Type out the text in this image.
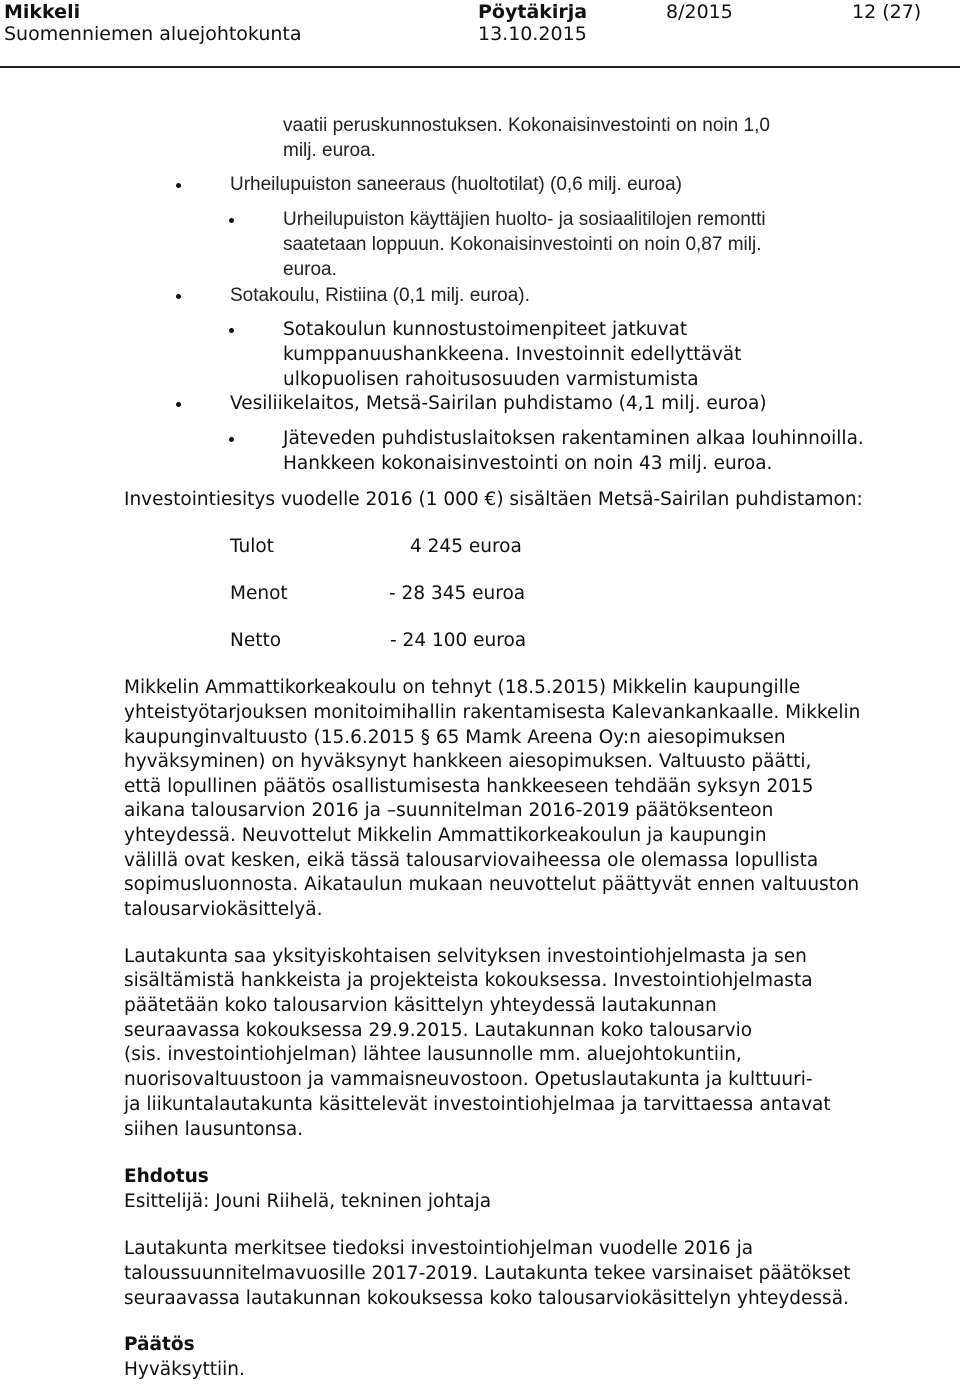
Mikkeli
Suomenniemen aluejohtokunta
Pöytäkirja
13.10.2015
8/2015	12 (27)
vaatii peruskunnostuksen. Kokonaisinvestointi on noin 1,0
milj. euroa.
Urheilupuiston saneeraus (huoltotilat) (0,6 milj. euroa)
Urheilupuiston käyttäjien huolto- ja sosiaalitilojen remontti
saatetaan loppuun. Kokonaisinvestointi on noin 0,87 milj.
euroa.
Sotakoulu, Ristiina (0,1 milj. euroa).
Sotakoulun kunnostustoimenpiteet jatkuvat
kumppanuushankkeena. Investoinnit edellyttävät
ulkopuolisen rahoitusosuuden varmistumista
Vesiliikelaitos, Metsä-Sairilan puhdistamo (4,1 milj. euroa)
Jäteveden puhdistuslaitoksen rakentaminen alkaa louhinnoilla.
Hankkeen kokonaisinvestointi on noin 43 milj. euroa.
Investointiesitys vuodelle 2016 (1 000 €) sisältäen Metsä-Sairilan puhdistamon:
Tulot	4 245 euroa
Menot	- 28 345 euroa
Netto	- 24 100 euroa
Mikkelin Ammattikorkeakoulu on tehnyt (18.5.2015) Mikkelin kaupungille
yhteistyötarjouksen monitoimihallin rakentamisesta Kalevankankaalle. Mikkelin
kaupunginvaltuusto (15.6.2015 § 65 Mamk Areena Oy:n aiesopimuksen
hyväksyminen) on hyväksynyt hankkeen aiesopimuksen. Valtuusto päätti,
että lopullinen päätös osallistumisesta hankkeeseen tehdään syksyn 2015
aikana talousarvion 2016 ja –suunnitelman 2016-2019 päätöksenteon
yhteydessä. Neuvottelut Mikkelin Ammattikorkeakoulun ja kaupungin
välillä ovat kesken, eikä tässä talousarviovaiheessa ole olemassa lopullista
sopimusluonnosta. Aikataulun mukaan neuvottelut päättyvät ennen valtuuston
talousarviokäsittelyä.
Lautakunta saa yksityiskohtaisen selvityksen investointiohjelmasta ja sen
sisältämistä hankkeista ja projekteista kokouksessa. Investointiohjelmasta
päätetään koko talousarvion käsittelyn yhteydessä lautakunnan
seuraavassa kokouksessa 29.9.2015. Lautakunnan koko talousarvio
(sis. investointiohjelman) lähtee lausunnolle mm. aluejohtokuntiin,
nuorisovaltuustoon ja vammaisneuvostoon. Opetuslautakunta ja kulttuuri-
ja liikuntalautakunta käsittelevät investointiohjelmaa ja tarvittaessa antavat
siihen lausuntonsa.
Ehdotus
Esittelijä: Jouni Riihelä, tekninen johtaja
Lautakunta merkitsee tiedoksi investointiohjelman vuodelle 2016 ja
taloussuunnitelmavuosille 2017-2019. Lautakunta tekee varsinaiset päätökset
seuraavassa lautakunnan kokouksessa koko talousarviokäsittelyn yhteydessä.
Päätös
Hyväksyttiin.
